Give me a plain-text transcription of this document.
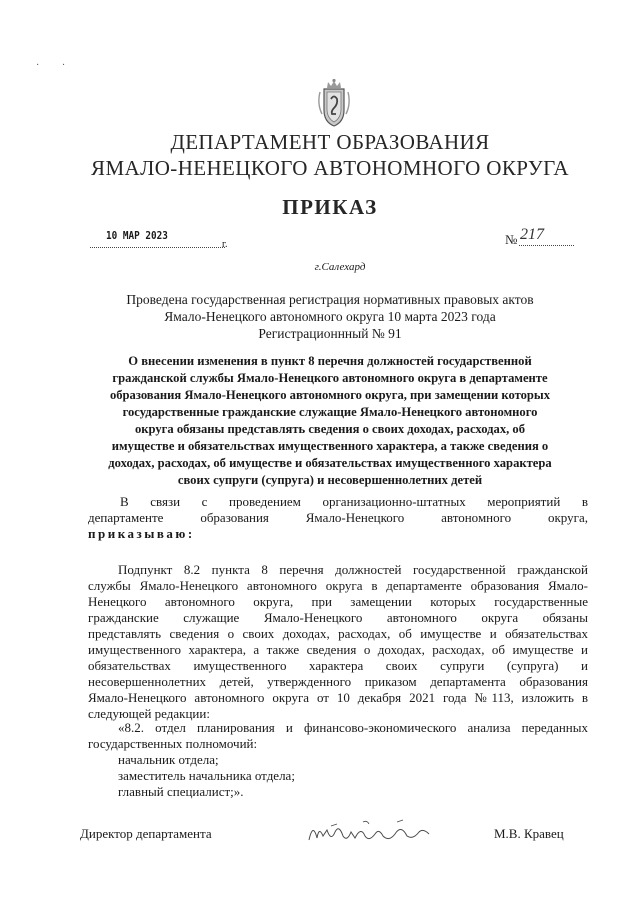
· ·
ДЕПАРТАМЕНТ ОБРАЗОВАНИЯ
ЯМАЛО-НЕНЕЦКОГО АВТОНОМНОГО ОКРУГА
ПРИКАЗ
10 МАР 2023
г.	№ 217
г.Салехард
Проведена государственная регистрация нормативных правовых актов
Ямало-Ненецкого автономного округа 10 марта 2023 года
Регистрационнный № 91
О внесении изменения в пункт 8 перечня должностей государственной
гражданской службы Ямало-Ненецкого автономного округа в департаменте
образования Ямало-Ненецкого автономного округа, при замещении которых
государственные гражданские служащие Ямало-Ненецкого автономного
округа обязаны представлять сведения о своих доходах, расходах, об
имуществе и обязательствах имущественного характера, а также сведения о
доходах, расходах, об имуществе и обязательствах имущественного характера
своих супруги (супруга) и несовершеннолетних детей
В связи с проведением организационно-штатных мероприятий в
департаменте образования Ямало-Ненецкого автономного округа,
приказываю:
Подпункт 8.2 пункта 8 перечня должностей государственной гражданской
службы Ямало-Ненецкого автономного округа в департаменте образования Ямало-
Ненецкого автономного округа, при замещении которых государственные
гражданские служащие Ямало-Ненецкого автономного округа обязаны
представлять сведения о своих доходах, расходах, об имуществе и обязательствах
имущественного характера, а также сведения о доходах, расходах, об имуществе и
обязательствах имущественного характера своих супруги (супруга) и
несовершеннолетних детей, утвержденного приказом департамента образования
Ямало-Ненецкого автономного округа от 10 декабря 2021 года №113, изложить в
следующей редакции:
«8.2. отдел планирования и финансово-экономического анализа переданных
государственных полномочий:
начальник отдела;
заместитель начальника отдела;
главный специалист;».
Директор департамента	М.В. Кравец
